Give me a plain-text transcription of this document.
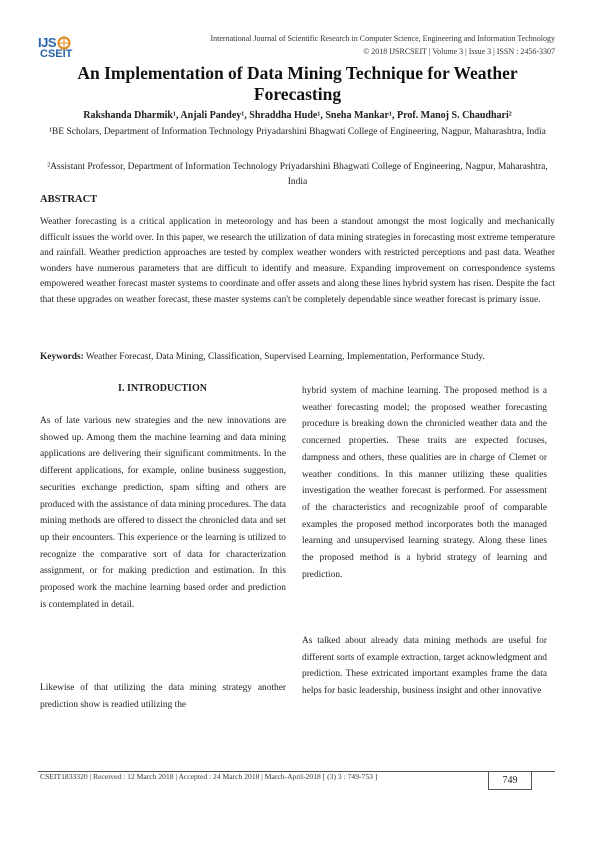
IJS
CSEIT
International Journal of Scientific Research in Computer Science, Engineering and Information Technology
© 2018 IJSRCSEIT | Volume 3 | Issue 3 | ISSN : 2456-3307
An Implementation of Data Mining Technique for Weather Forecasting
Rakshanda Dharmik¹, Anjali Pandey¹, Shraddha Hude¹, Sneha Mankar¹, Prof. Manoj S. Chaudhari²
¹BE Scholars, Department of Information Technology Priyadarshini Bhagwati College of Engineering, Nagpur, Maharashtra, India
²Assistant Professor, Department of Information Technology Priyadarshini Bhagwati College of Engineering, Nagpur, Maharashtra, India
ABSTRACT
Weather forecasting is a critical application in meteorology and has been a standout amongst the most logically and mechanically difficult issues the world over. In this paper, we research the utilization of data mining strategies in forecasting most extreme temperature and rainfall. Weather prediction approaches are tested by complex weather wonders with restricted perceptions and past data. Weather wonders have numerous parameters that are difficult to identify and measure. Expanding improvement on correspondence systems empowered weather forecast master systems to coordinate and offer assets and along these lines hybrid system has risen. Despite the fact that these upgrades on weather forecast, these master systems can't be completely dependable since weather forecast is primary issue.
Keywords: Weather Forecast, Data Mining, Classification, Supervised Learning, Implementation, Performance Study.
I. INTRODUCTION
As of late various new strategies and the new innovations are showed up. Among them the machine learning and data mining applications are delivering their significant commitments. In the different applications, for example, online business suggestion, securities exchange prediction, spam sifting and others are produced with the assistance of data mining procedures. The data mining methods are offered to dissect the chronicled data and set up their encounters. This experience or the learning is utilized to recognize the comparative sort of data for characterization assignment, or for making prediction and estimation. In this proposed work the machine learning based order and prediction is contemplated in detail.
Likewise of that utilizing the data mining strategy another prediction show is readied utilizing the
hybrid system of machine learning. The proposed method is a weather forecasting model; the proposed weather forecasting procedure is breaking down the chronicled weather data and the concerned properties. These traits are expected focuses, dampness and others, these qualities are in charge of Clemet or weather conditions. In this manner utilizing these qualities investigation the weather forecast is performed. For assessment of the characteristics and recognizable proof of comparable examples the proposed method incorporates both the managed learning and unsupervised learning strategy. Along these lines the proposed method is a hybrid strategy of learning and prediction.
As talked about already data mining methods are useful for different sorts of example extraction, target acknowledgment and prediction. These extricated important examples frame the data helps for basic leadership, business insight and other innovative
CSEIT1833320 | Received : 12 March 2018 | Accepted : 24 March 2018 | March-April-2018 [ (3) 3 : 749-753 ]	749
